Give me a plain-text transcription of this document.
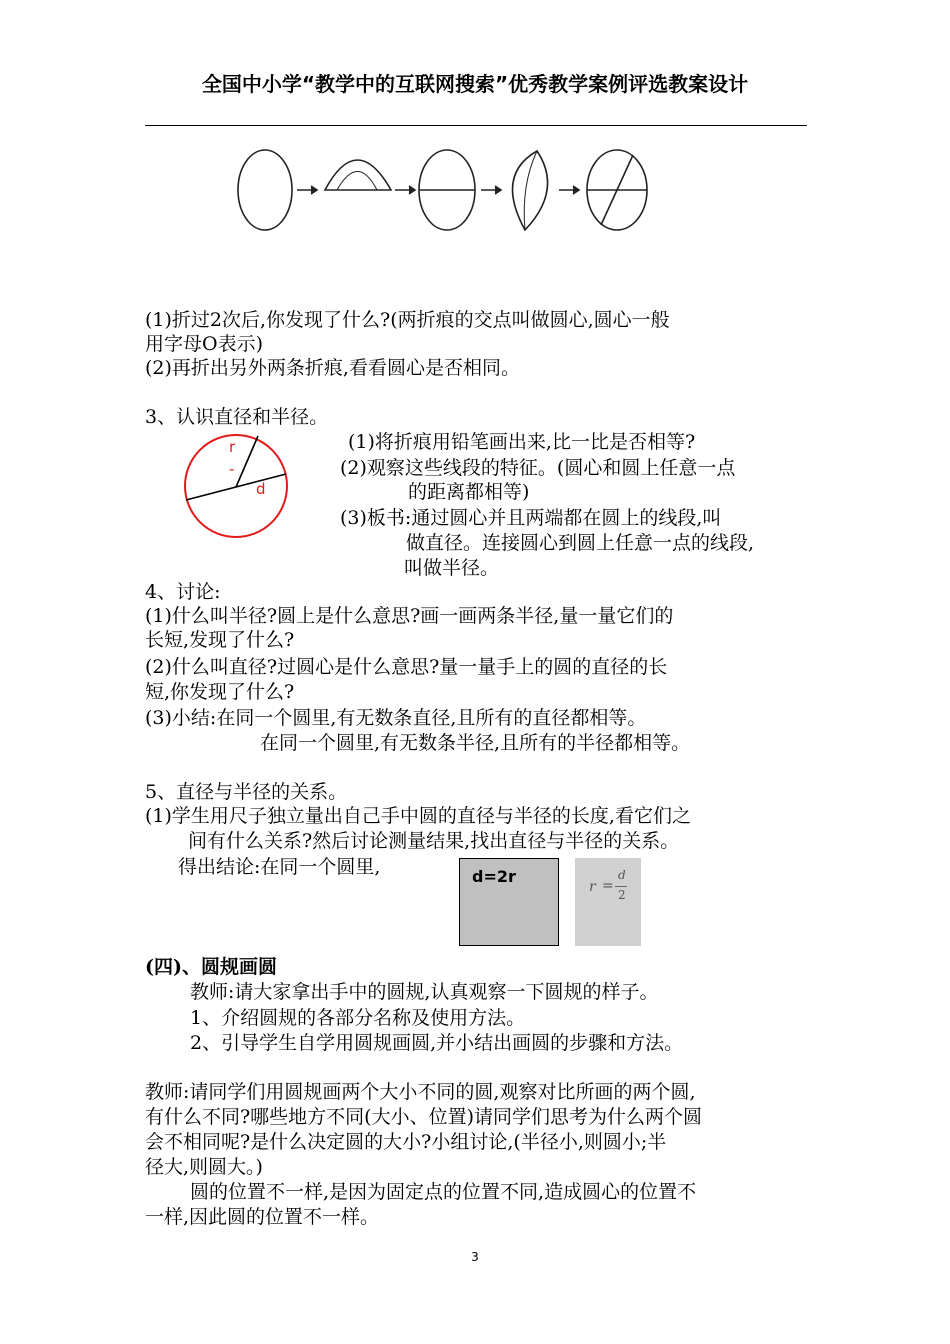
全国中小学“教学中的互联网搜索”优秀教学案例评选教案设计
(1)折过2次后,你发现了什么?(两折痕的交点叫做圆心,圆心一般
用字母O表示)
(2)再折出另外两条折痕,看看圆心是否相同。
3、认识直径和半径。
r
-
d
(1)将折痕用铅笔画出来,比一比是否相等?
(2)观察这些线段的特征。(圆心和圆上任意一点
的距离都相等)
(3)板书:通过圆心并且两端都在圆上的线段,叫
做直径。连接圆心到圆上任意一点的线段,
叫做半径。
4、讨论:
(1)什么叫半径?圆上是什么意思?画一画两条半径,量一量它们的
长短,发现了什么?
(2)什么叫直径?过圆心是什么意思?量一量手上的圆的直径的长
短,你发现了什么?
(3)小结:在同一个圆里,有无数条直径,且所有的直径都相等。
在同一个圆里,有无数条半径,且所有的半径都相等。
5、直径与半径的关系。
(1)学生用尺子独立量出自己手中圆的直径与半径的长度,看它们之
间有什么关系?然后讨论测量结果,找出直径与半径的关系。
得出结论:在同一个圆里,	d=2r
r =
d
2
(四)、圆规画圆
教师:请大家拿出手中的圆规,认真观察一下圆规的样子。
1、介绍圆规的各部分名称及使用方法。
2、引导学生自学用圆规画圆,并小结出画圆的步骤和方法。
教师:请同学们用圆规画两个大小不同的圆,观察对比所画的两个圆,
有什么不同?哪些地方不同(大小、位置)请同学们思考为什么两个圆
会不相同呢?是什么决定圆的大小?小组讨论,(半径小,则圆小;半
径大,则圆大。)
圆的位置不一样,是因为固定点的位置不同,造成圆心的位置不
一样,因此圆的位置不一样。
3
